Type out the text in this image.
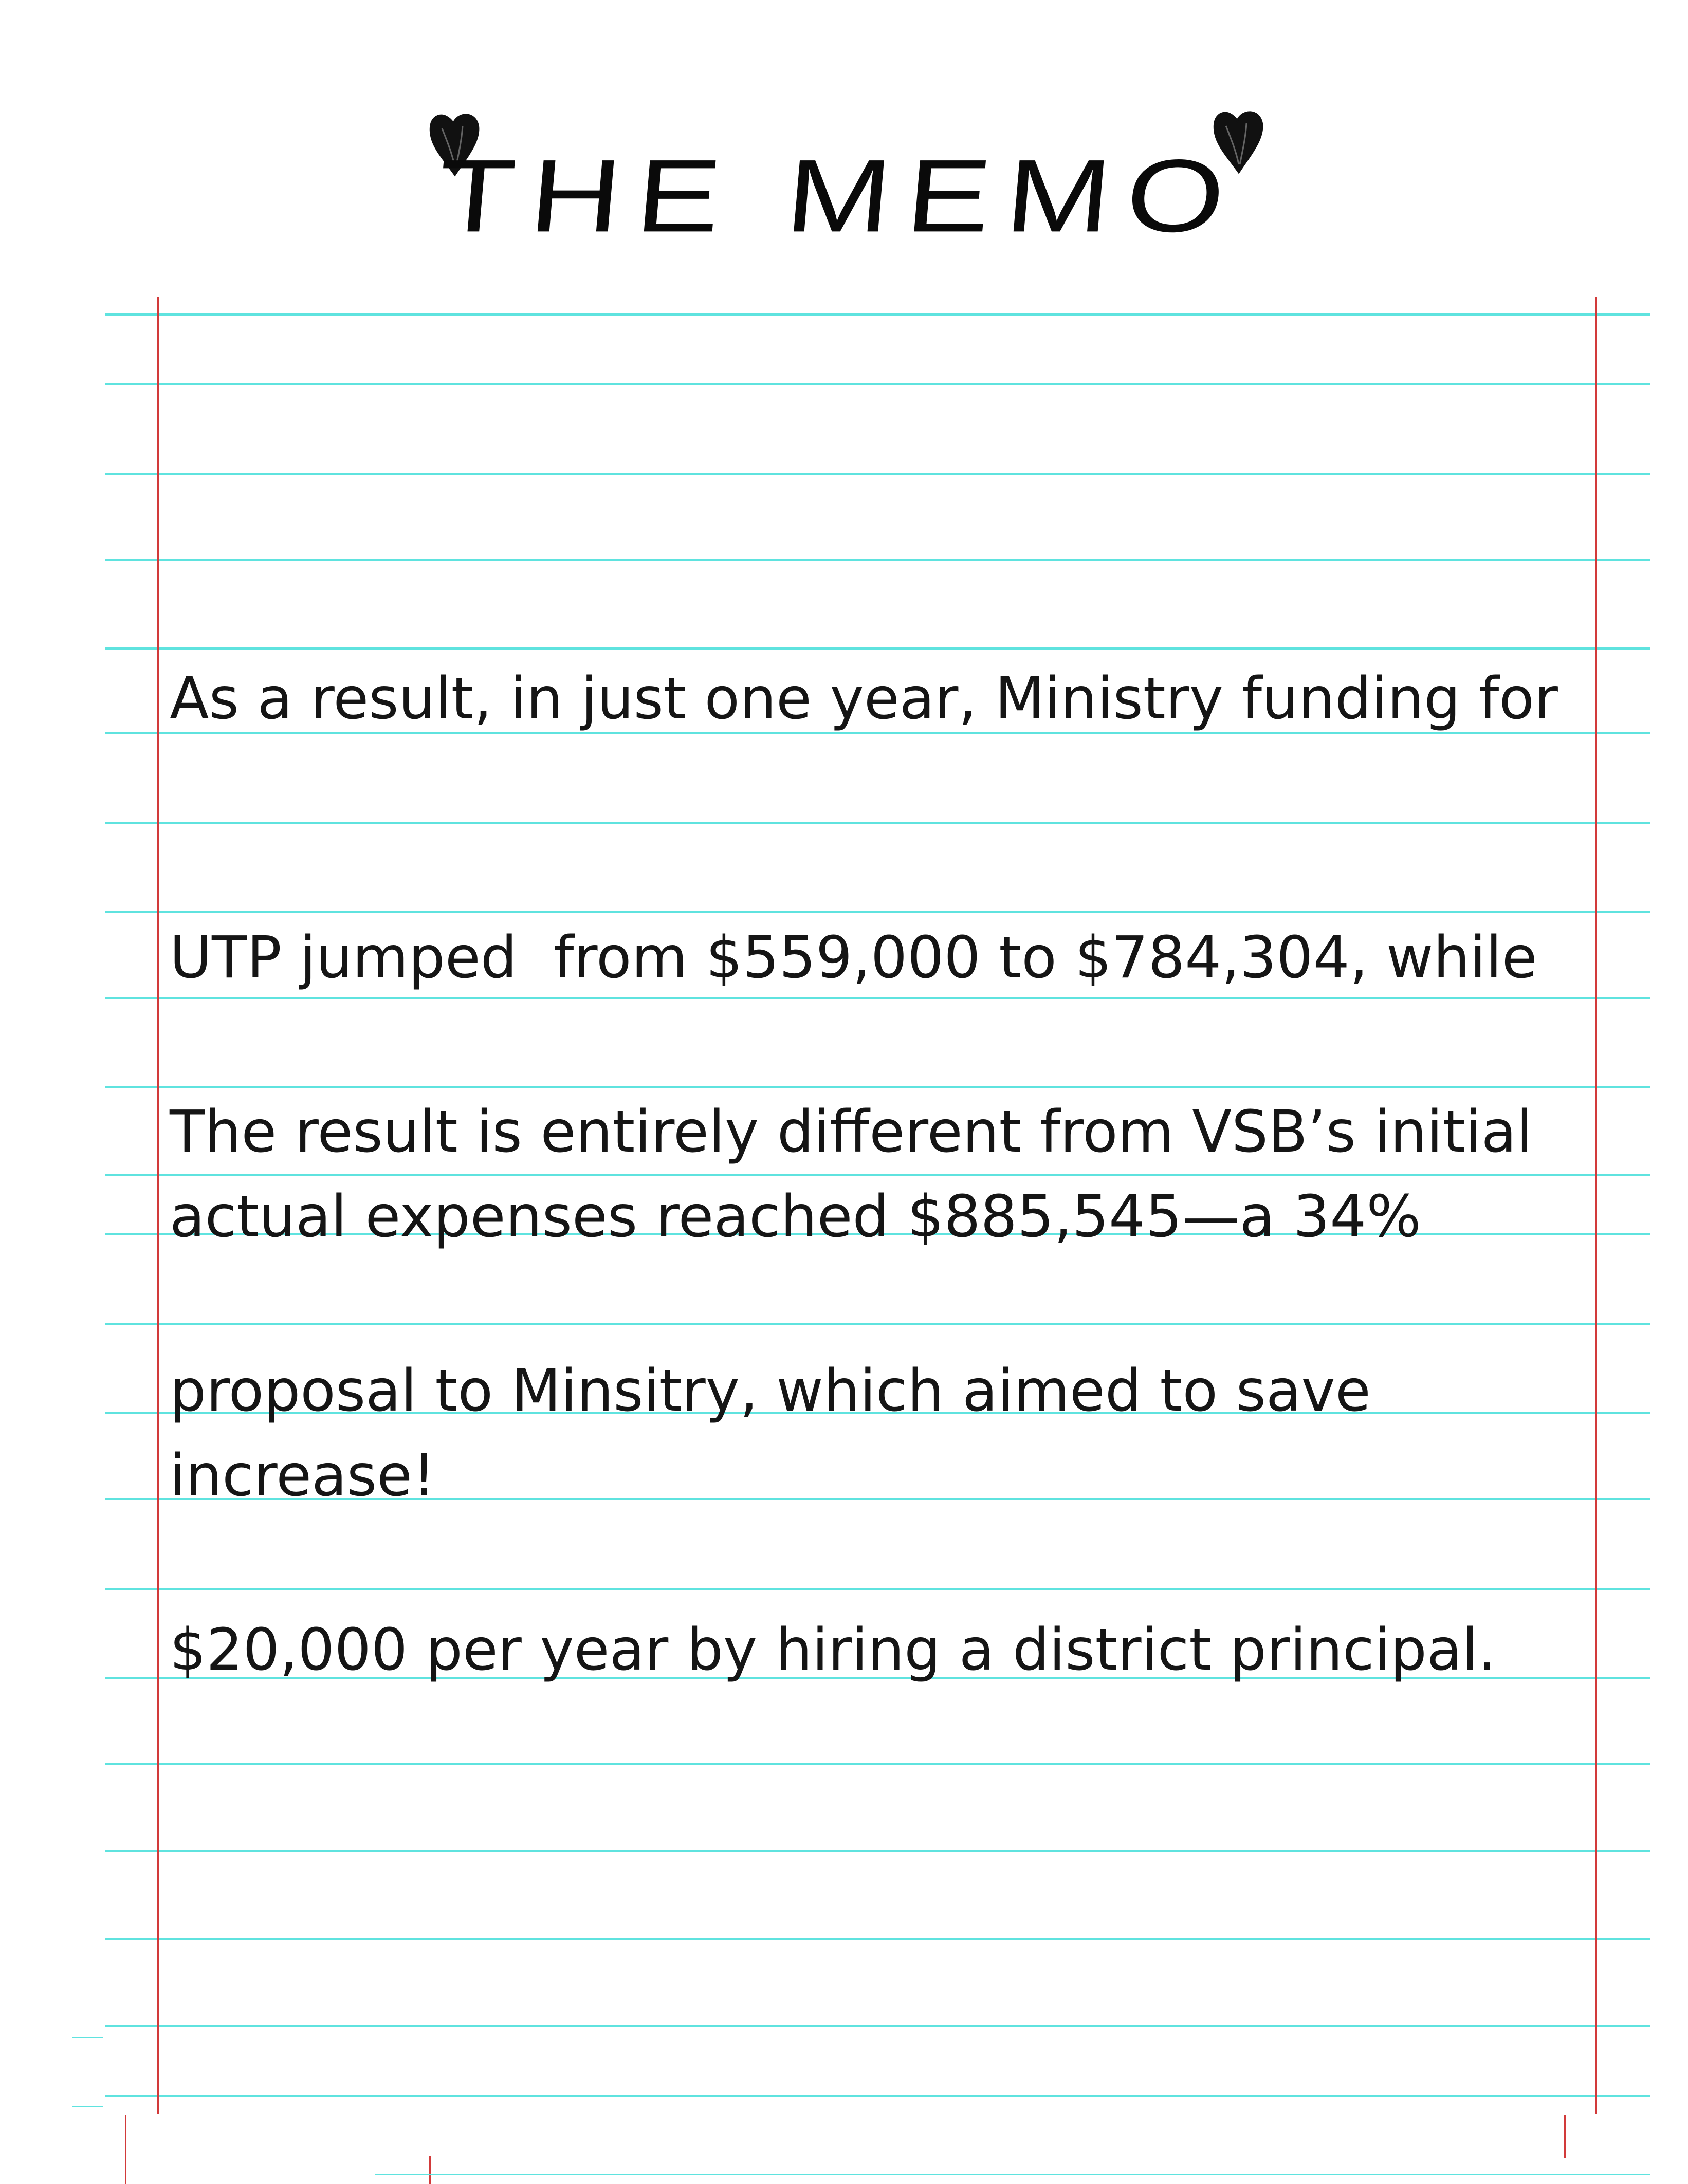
THE MEMO

As a result, in just one year, Ministry funding for

UTP jumped  from $559,000 to $784,304, while

actual expenses reached $885,545—a 34%

increase!

The result is entirely different from VSB’s initial

proposal to Minsitry, which aimed to save

$20,000 per year by hiring a district principal.
